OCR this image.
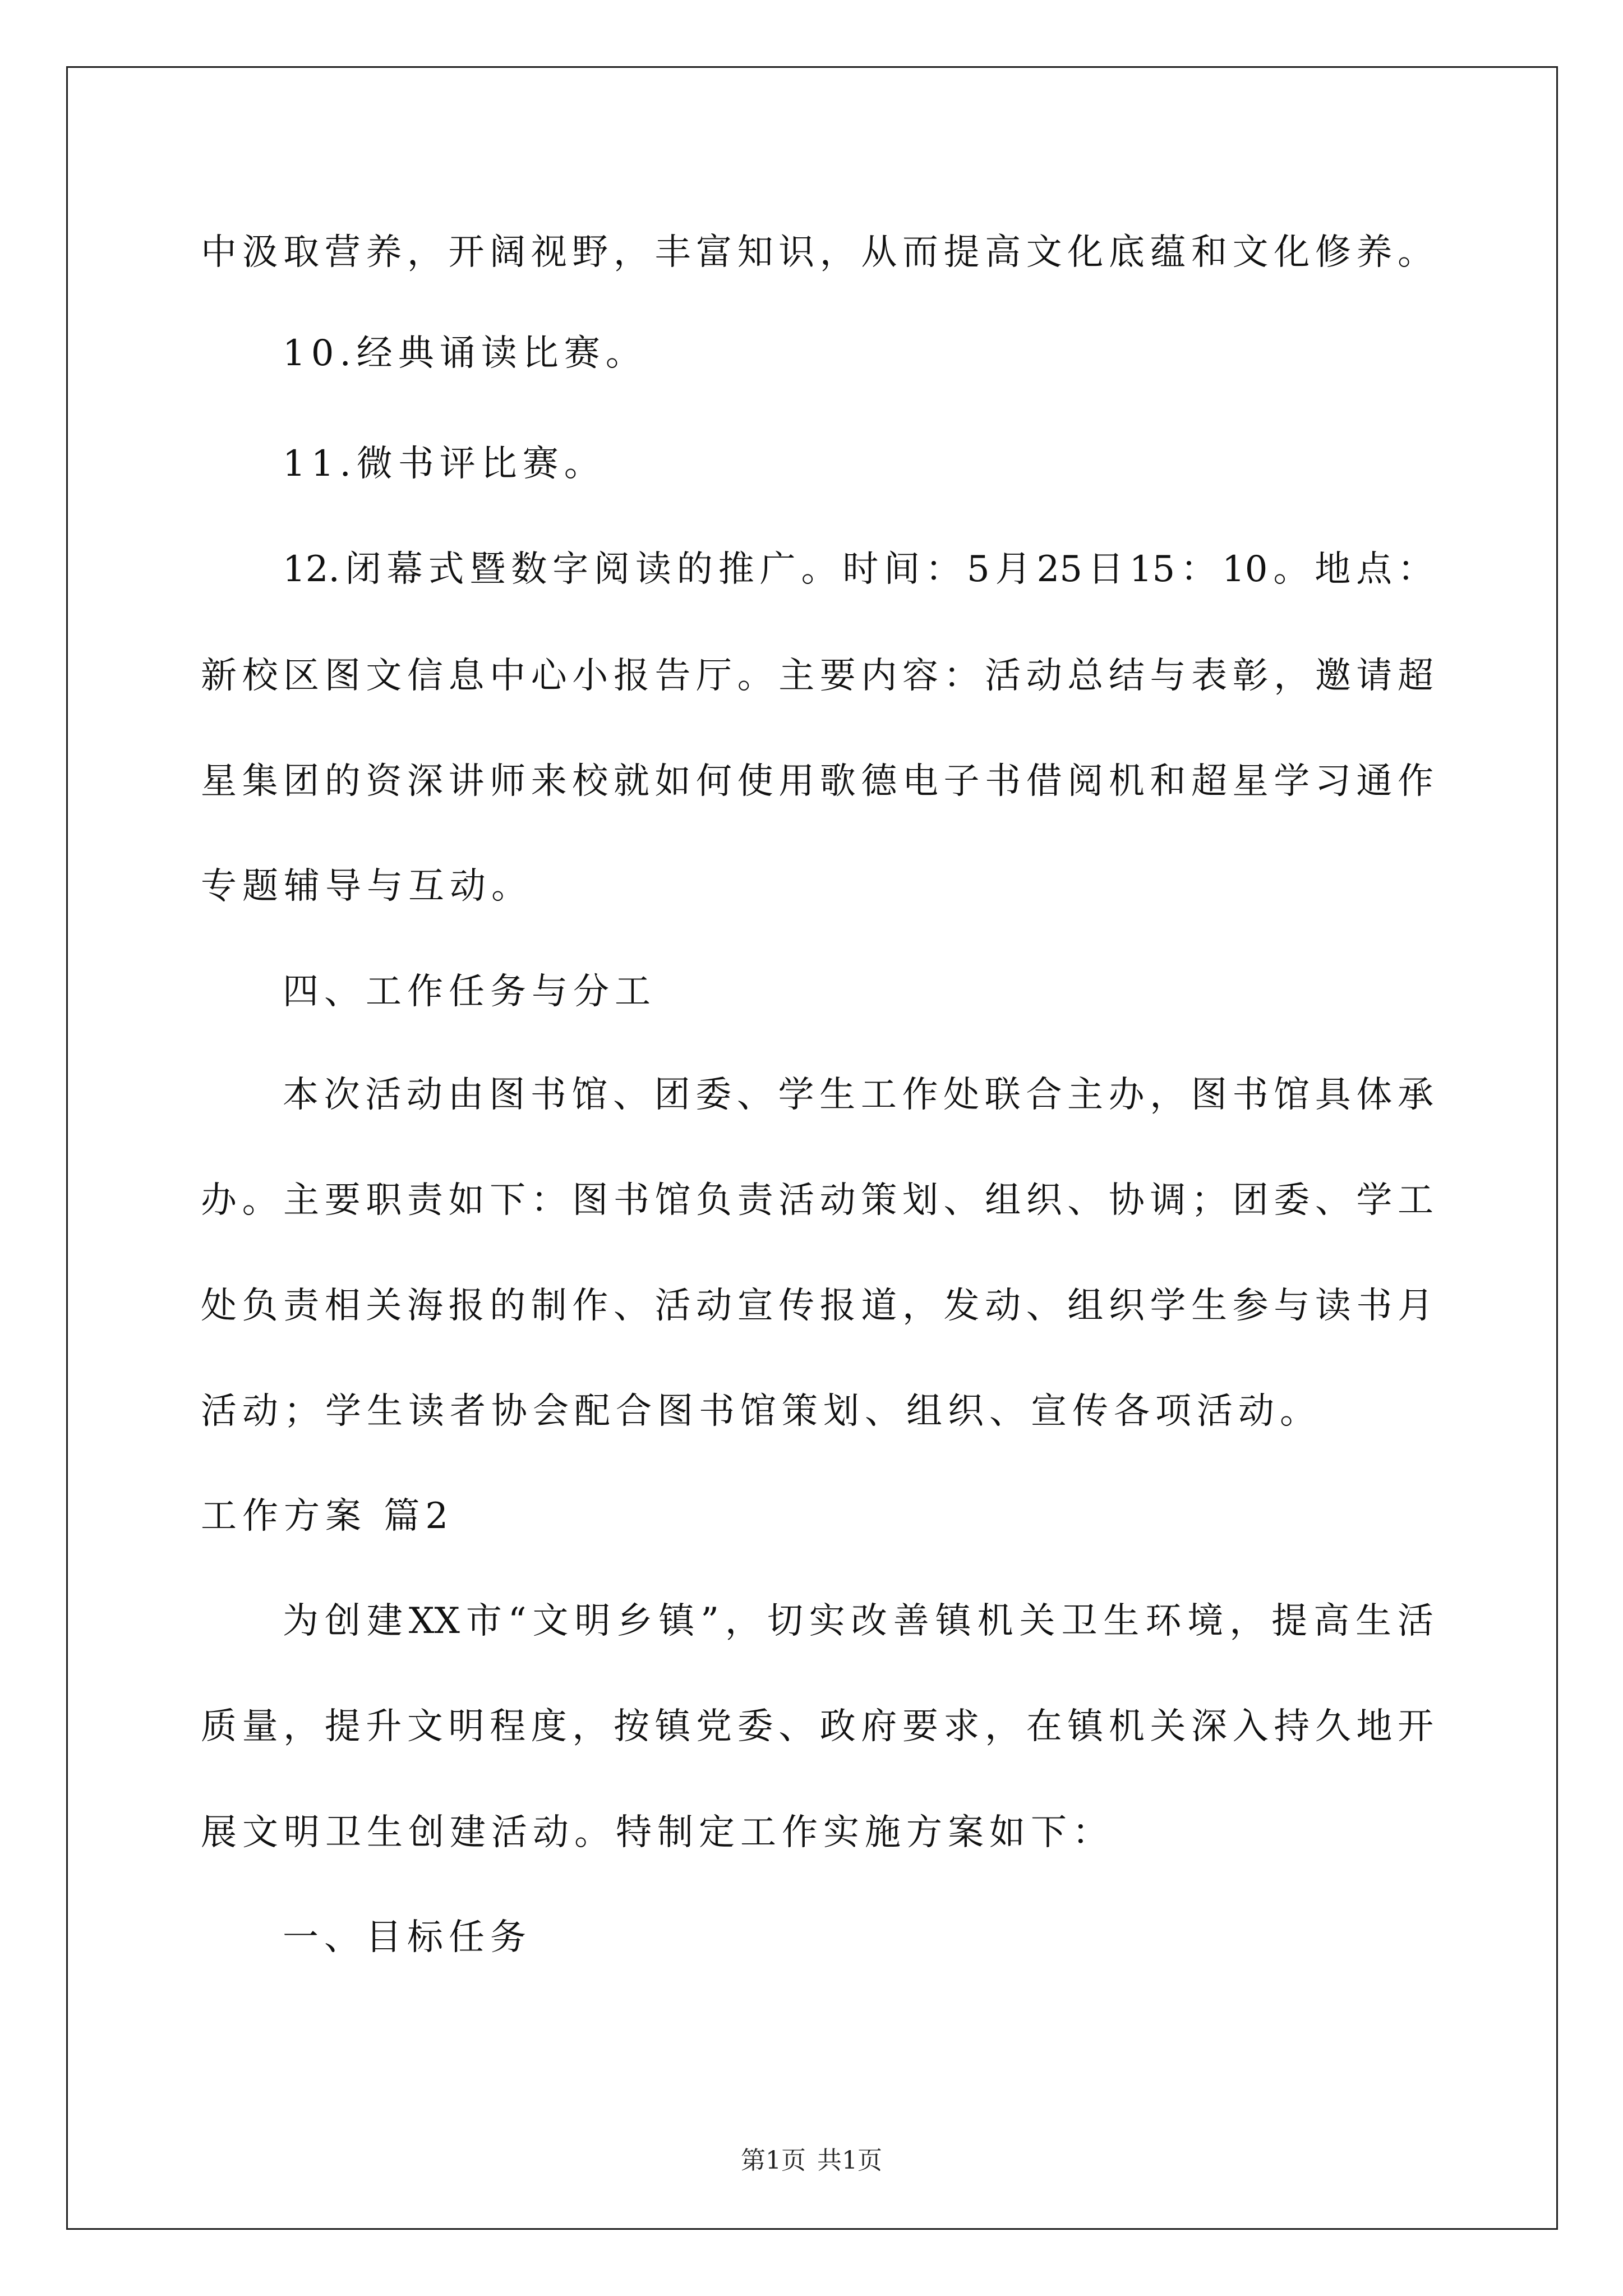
中汲取营养，开阔视野，丰富知识，从而提高文化底蕴和文化修养。
10.经典诵读比赛。
11.微书评比赛。
12.闭幕式暨数字阅读的推广。时间：5月25日15：10。地点：
新校区图文信息中心小报告厅。主要内容：活动总结与表彰，邀请超
星集团的资深讲师来校就如何使用歌德电子书借阅机和超星学习通作
专题辅导与互动。
四、工作任务与分工
本次活动由图书馆、团委、学生工作处联合主办，图书馆具体承
办。主要职责如下：图书馆负责活动策划、组织、协调；团委、学工
处负责相关海报的制作、活动宣传报道，发动、组织学生参与读书月
活动；学生读者协会配合图书馆策划、组织、宣传各项活动。
工作方案 篇2
为创建XX市“文明乡镇”，切实改善镇机关卫生环境，提高生活
质量，提升文明程度，按镇党委、政府要求，在镇机关深入持久地开
展文明卫生创建活动。特制定工作实施方案如下：
一、目标任务
第1页 共1页
